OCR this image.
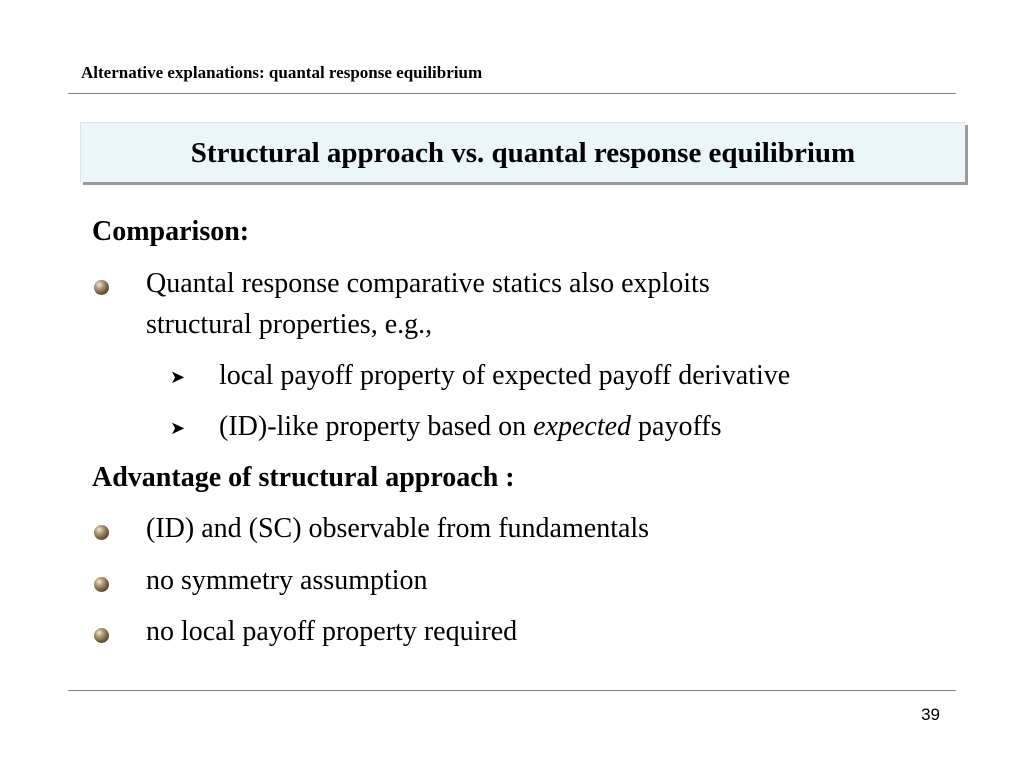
Alternative explanations: quantal response equilibrium
Structural approach vs. quantal response equilibrium
Comparison:
Quantal response comparative statics also exploits
structural properties, e.g.,
➤ local payoff property of expected payoff derivative
➤ (ID)-like property based on expected payoffs
Advantage of structural approach :
(ID) and (SC) observable from fundamentals
no symmetry assumption
no local payoff property required
39
